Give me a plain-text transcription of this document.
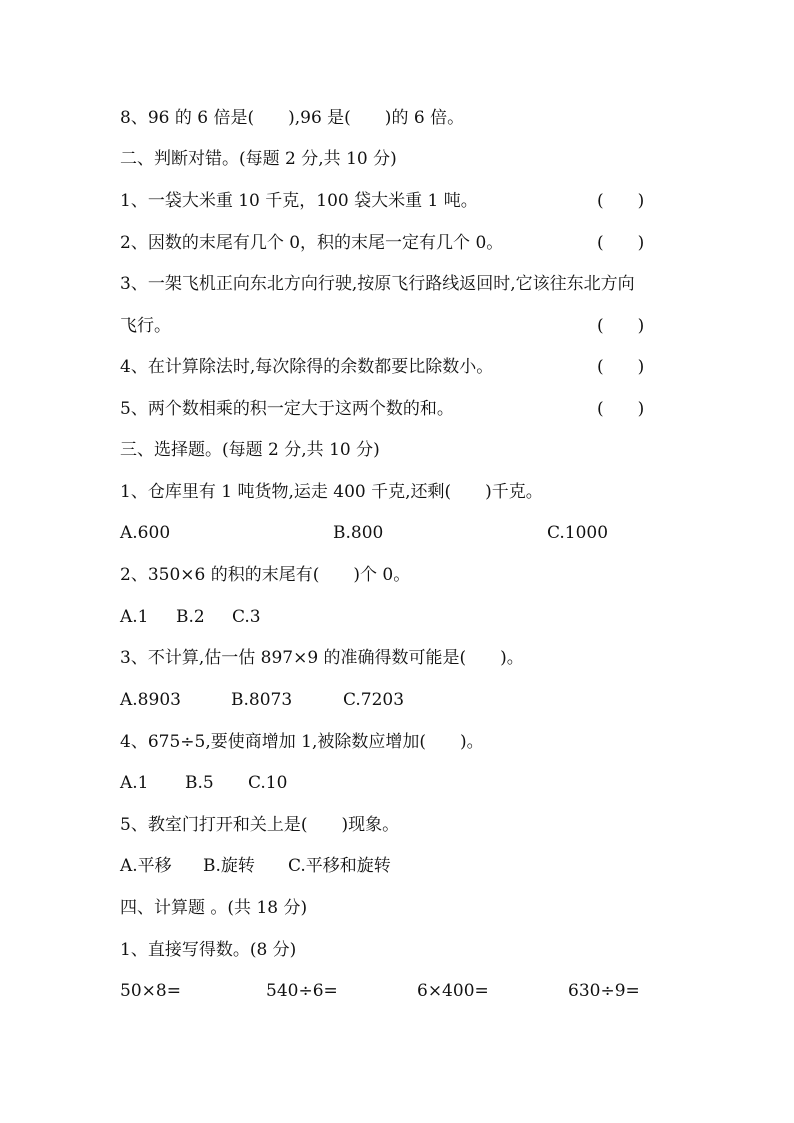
8、96 的 6 倍是(　　),96 是(　　)的 6 倍。
二、判断对错。(每题 2 分,共 10 分)
1、一袋大米重 10 千克，100 袋大米重 1 吨。	(　　)
2、因数的末尾有几个 0，积的末尾一定有几个 0。	(　　)
3、一架飞机正向东北方向行驶,按原飞行路线返回时,它该往东北方向
飞行。	(　　)
4、在计算除法时,每次除得的余数都要比除数小。	(　　)
5、两个数相乘的积一定大于这两个数的和。	(　　)
三、选择题。(每题 2 分,共 10 分)
1、仓库里有 1 吨货物,运走 400 千克,还剩(　　)千克。
A.600	B.800	C.1000
2、350×6 的积的末尾有(　　)个 0。
A.1 B.2 C.3
3、不计算,估一估 897×9 的准确得数可能是(　　)。
A.8903	B.8073	C.7203
4、675÷5,要使商增加 1,被除数应增加(　　)。
A.1 B.5 C.10
5、教室门打开和关上是(　　)现象。
A.平移 B.旋转 C.平移和旋转
四、计算题 。(共 18 分)
1、直接写得数。(8 分)
50×8=	540÷6=	6×400=	630÷9=
